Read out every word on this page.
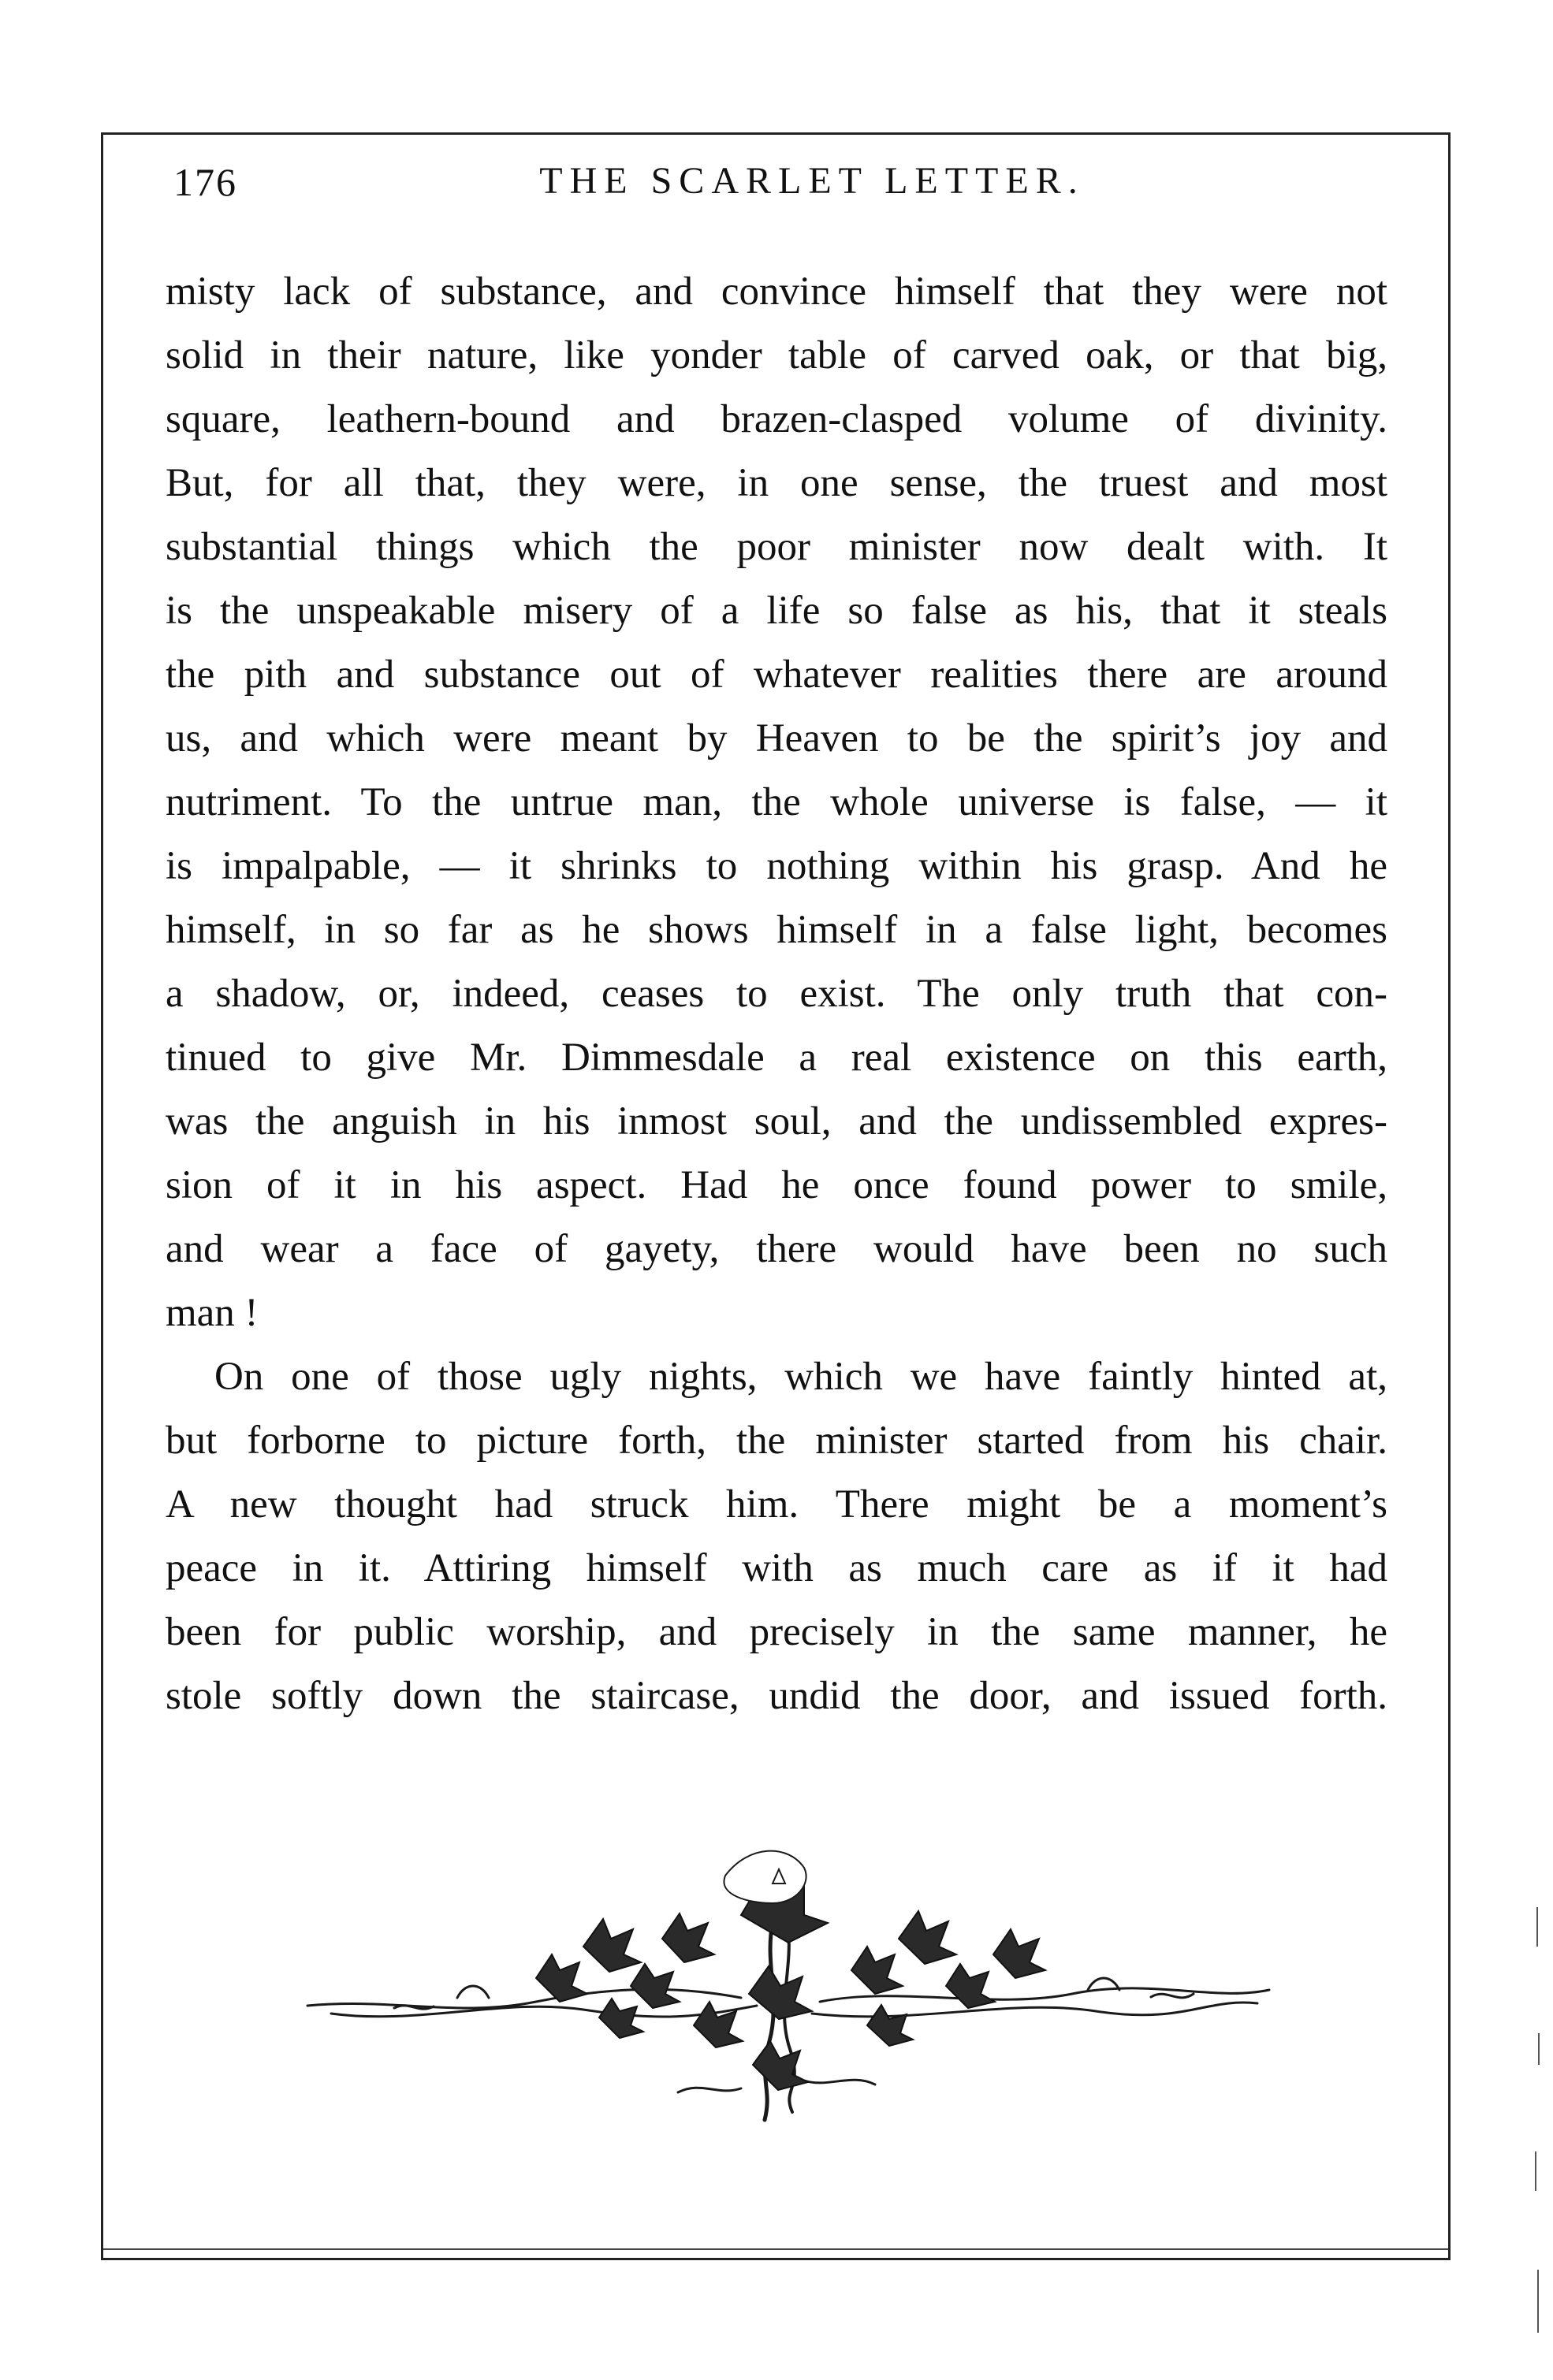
176	THE SCARLET LETTER.

misty lack of substance, and convince himself that they were not
solid in their nature, like yonder table of carved oak, or that big,
square, leathern-bound and brazen-clasped volume of divinity.
But, for all that, they were, in one sense, the truest and most
substantial things which the poor minister now dealt with. It
is the unspeakable misery of a life so false as his, that it steals
the pith and substance out of whatever realities there are around
us, and which were meant by Heaven to be the spirit’s joy and
nutriment. To the untrue man, the whole universe is false, — it
is impalpable, — it shrinks to nothing within his grasp. And he
himself, in so far as he shows himself in a false light, becomes
a shadow, or, indeed, ceases to exist. The only truth that con-
tinued to give Mr. Dimmesdale a real existence on this earth,
was the anguish in his inmost soul, and the undissembled expres-
sion of it in his aspect. Had he once found power to smile,
and wear a face of gayety, there would have been no such
man !

On one of those ugly nights, which we have faintly hinted at,
but forborne to picture forth, the minister started from his chair.
A new thought had struck him. There might be a moment’s
peace in it. Attiring himself with as much care as if it had
been for public worship, and precisely in the same manner, he
stole softly down the staircase, undid the door, and issued forth.
